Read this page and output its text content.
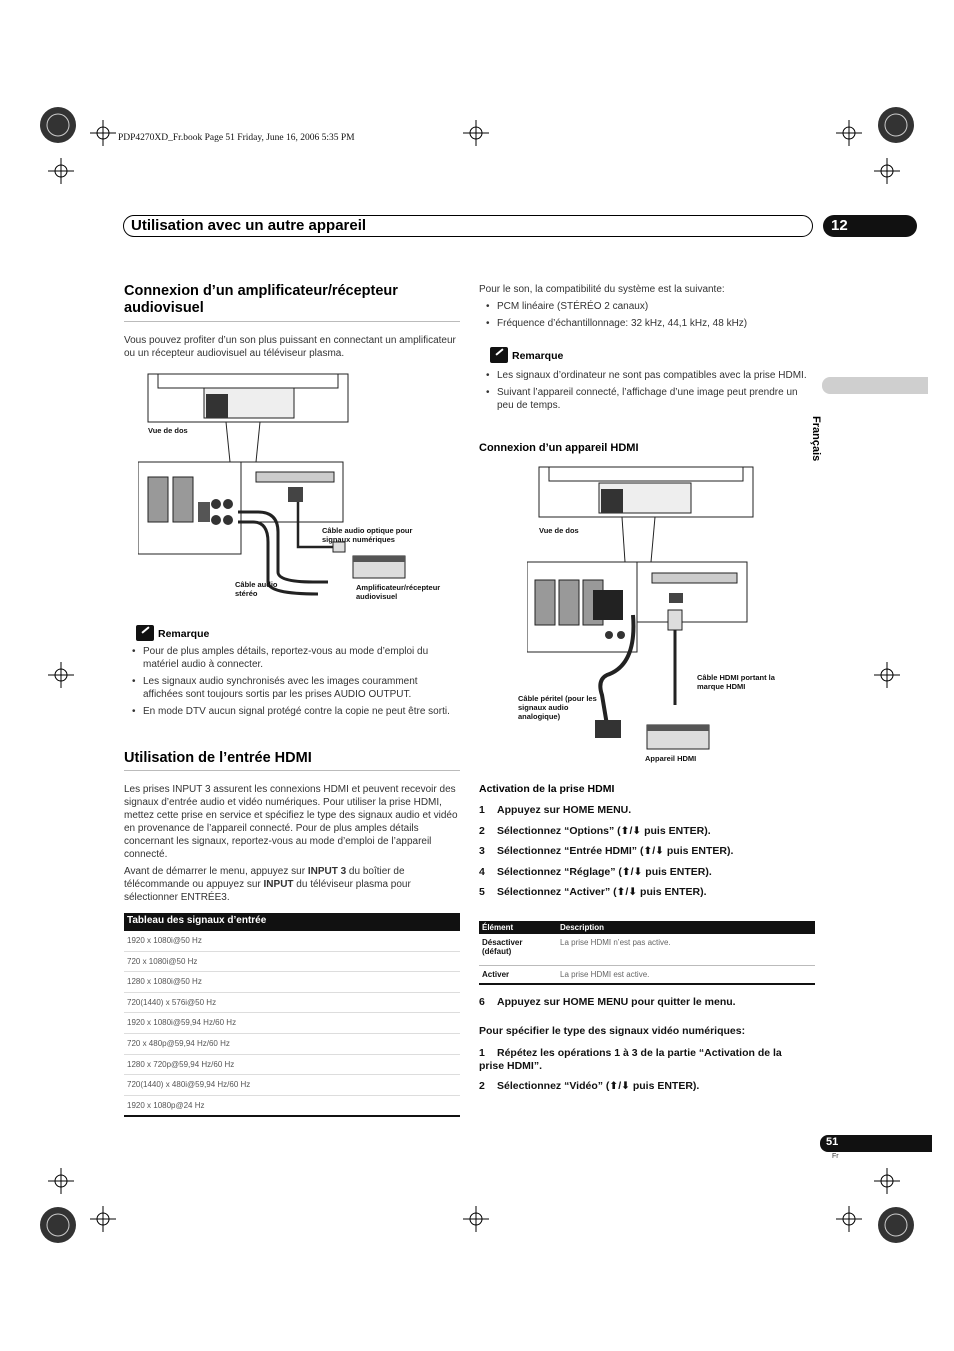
PDP4270XD_Fr.book Page 51 Friday, June 16, 2006 5:35 PM
Utilisation avec un autre appareil	12
Français
Connexion d’un amplificateur/récepteur audiovisuel

Vous pouvez profiter d’un son plus puissant en connectant un amplificateur ou un récepteur audiovisuel au téléviseur plasma.

Vue de dos
Câble audio optique pour signaux numériques
Câble audio stéréo
Amplificateur/récepteur audiovisuel
Remarque
• Pour de plus amples détails, reportez-vous au mode d’emploi du matériel audio à connecter.
• Les signaux audio synchronisés avec les images couramment affichées sont toujours sortis par les prises AUDIO OUTPUT.
• En mode DTV aucun signal protégé contre la copie ne peut être sorti.
Utilisation de l’entrée HDMI

Les prises INPUT 3 assurent les connexions HDMI et peuvent recevoir des signaux d’entrée audio et vidéo numériques. Pour utiliser la prise HDMI, mettez cette prise en service et spécifiez le type des signaux audio et vidéo en provenance de l’appareil connecté. Pour de plus amples détails concernant les signaux, reportez-vous au mode d’emploi de l’appareil connecté.

Avant de démarrer le menu, appuyez sur INPUT 3 du boîtier de télécommande ou appuyez sur INPUT du téléviseur plasma pour sélectionner ENTRÉE3.

Tableau des signaux d’entrée
1920 x 1080i@50 Hz
720 x 1080i@50 Hz
1280 x 1080i@50 Hz
720(1440) x 576i@50 Hz
1920 x 1080i@59,94 Hz/60 Hz
720 x 480p@59,94 Hz/60 Hz
1280 x 720p@59,94 Hz/60 Hz
720(1440) x 480i@59,94 Hz/60 Hz
1920 x 1080p@24 Hz

Pour le son, la compatibilité du système est la suivante:

• PCM linéaire (STÉRÉO 2 canaux)
• Fréquence d’échantillonnage: 32 kHz, 44,1 kHz, 48 kHz)
Remarque
• Les signaux d’ordinateur ne sont pas compatibles avec la prise HDMI.
• Suivant l’appareil connecté, l’affichage d’une image peut prendre un peu de temps.
Connexion d’un appareil HDMI
Vue de dos
Câble HDMI portant la marque HDMI
Câble péritel (pour les signaux audio analogique)
Appareil HDMI
Activation de la prise HDMI
1 Appuyez sur HOME MENU.
2 Sélectionnez “Options” (⬆/⬇ puis ENTER).
3 Sélectionnez “Entrée HDMI” (⬆/⬇ puis ENTER).
4 Sélectionnez “Réglage” (⬆/⬇ puis ENTER).
5 Sélectionnez “Activer” (⬆/⬇ puis ENTER).
Élément	Description
Désactiver (défaut)	La prise HDMI n’est pas active.
Activer	La prise HDMI est active.
6 Appuyez sur HOME MENU pour quitter le menu.
Pour spécifier le type des signaux vidéo numériques:
1 Répétez les opérations 1 à 3 de la partie “Activation de la prise HDMI”.
2 Sélectionnez “Vidéo” (⬆/⬇ puis ENTER).
51
Fr
